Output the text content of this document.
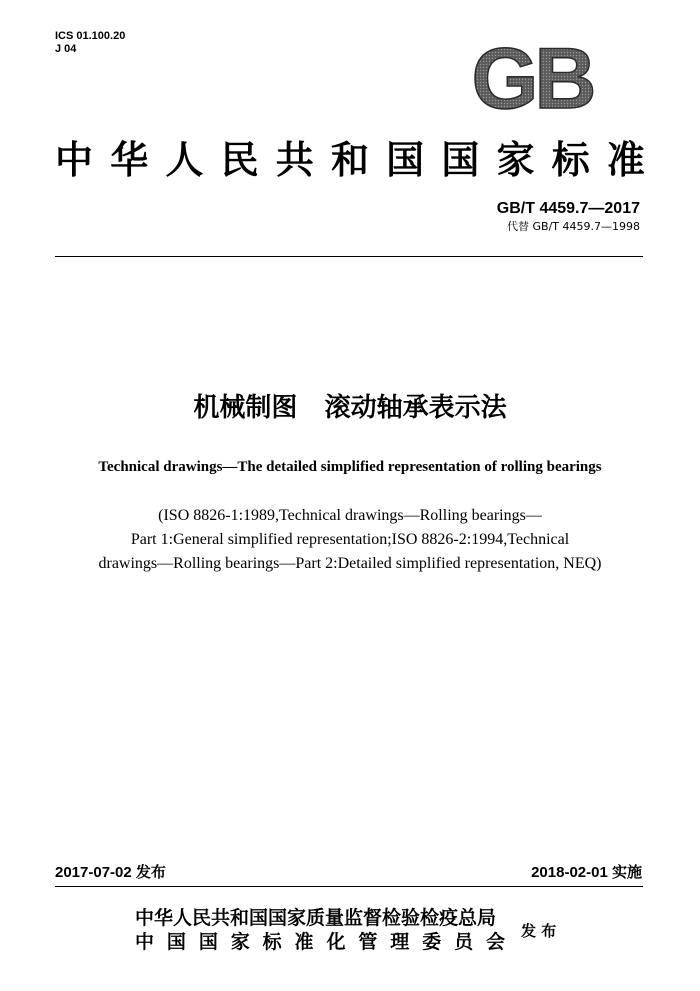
ICS 01.100.20
J 04	GB
中 华 人 民 共 和 国 国 家 标 准
GB/T 4459.7—2017
代替 GB/T 4459.7—1998
机械制图   滚动轴承表示法
Technical drawings—The detailed simplified representation of rolling bearings
(ISO 8826-1:1989,Technical drawings—Rolling bearings—
Part 1:General simplified representation;ISO 8826-2:1994,Technical
drawings—Rolling bearings—Part 2:Detailed simplified representation, NEQ)
2017-07-02 发布	2018-02-01 实施
中华人民共和国国家质量监督检验检疫总局
中 国 国 家 标 准 化 管 理 委 员 会 发 布
